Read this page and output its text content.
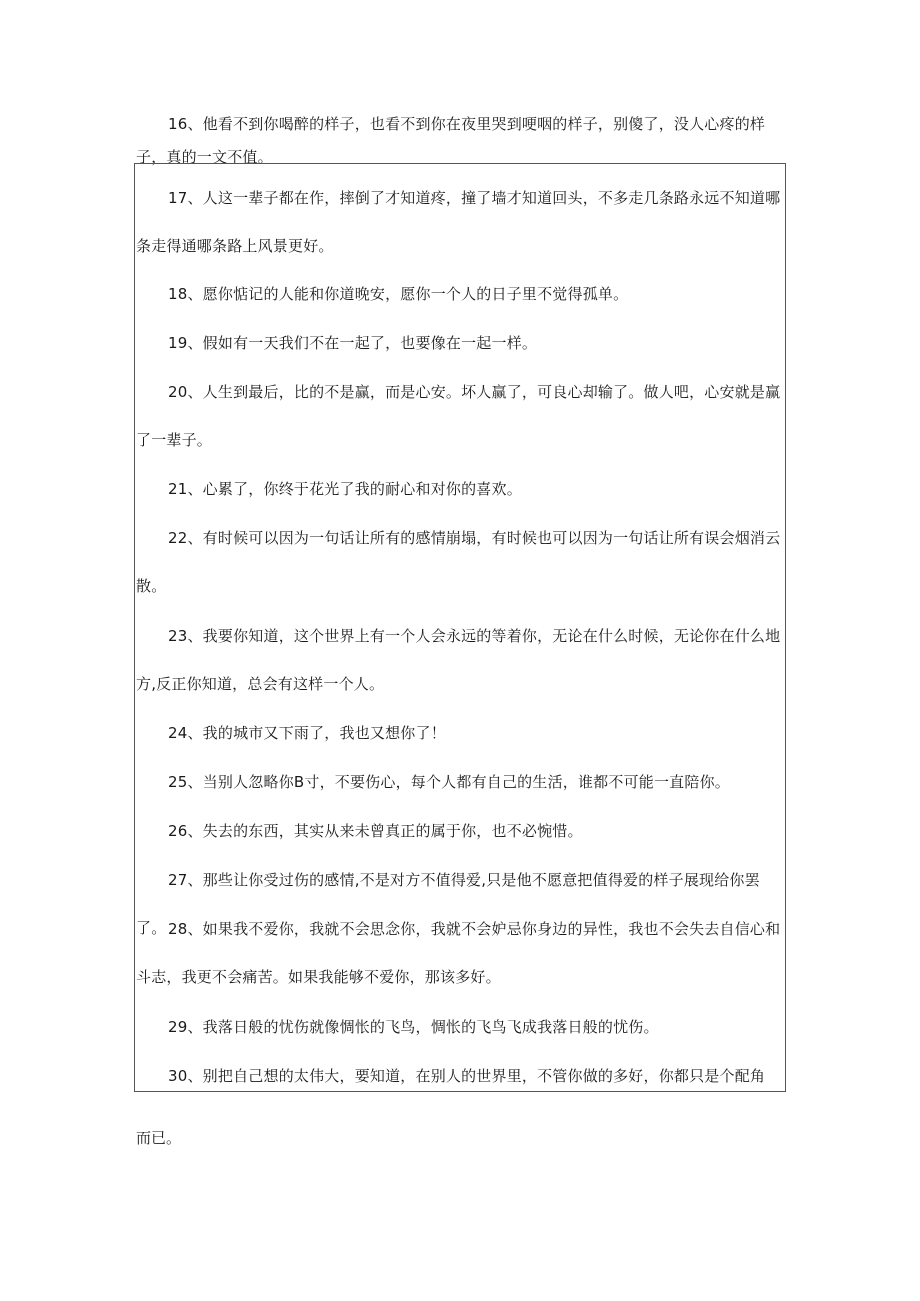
16、他看不到你喝醉的样子，也看不到你在夜里哭到哽咽的样子，别傻了，没人心疼的样子，真的一文不值。

17、人这一辈子都在作，摔倒了才知道疼，撞了墙才知道回头，不多走几条路永远不知道哪条走得通哪条路上风景更好。

18、愿你惦记的人能和你道晚安，愿你一个人的日子里不觉得孤单。

19、假如有一天我们不在一起了，也要像在一起一样。

20、人生到最后，比的不是赢，而是心安。坏人赢了，可良心却输了。做人吧，心安就是赢了一辈子。

21、心累了，你终于花光了我的耐心和对你的喜欢。

22、有时候可以因为一句话让所有的感情崩塌，有时候也可以因为一句话让所有误会烟消云散。

23、我要你知道，这个世界上有一个人会永远的等着你，无论在什么时候，无论你在什么地方,反正你知道，总会有这样一个人。

24、我的城市又下雨了，我也又想你了！

25、当别人忽略你B寸，不要伤心，每个人都有自己的生活，谁都不可能一直陪你。

26、失去的东西，其实从来未曾真正的属于你，也不必惋惜。

27、那些让你受过伤的感情,不是对方不值得爱,只是他不愿意把值得爱的样子展现给你罢了。 28、如果我不爱你，我就不会思念你，我就不会妒忌你身边的异性，我也不会失去自信心和斗志，我更不会痛苦。如果我能够不爱你，那该多好。

29、我落日般的忧伤就像惆怅的飞鸟，惆怅的飞鸟飞成我落日般的忧伤。

30、别把自己想的太伟大，要知道，在别人的世界里，不管你做的多好，你都只是个配角

而已。
